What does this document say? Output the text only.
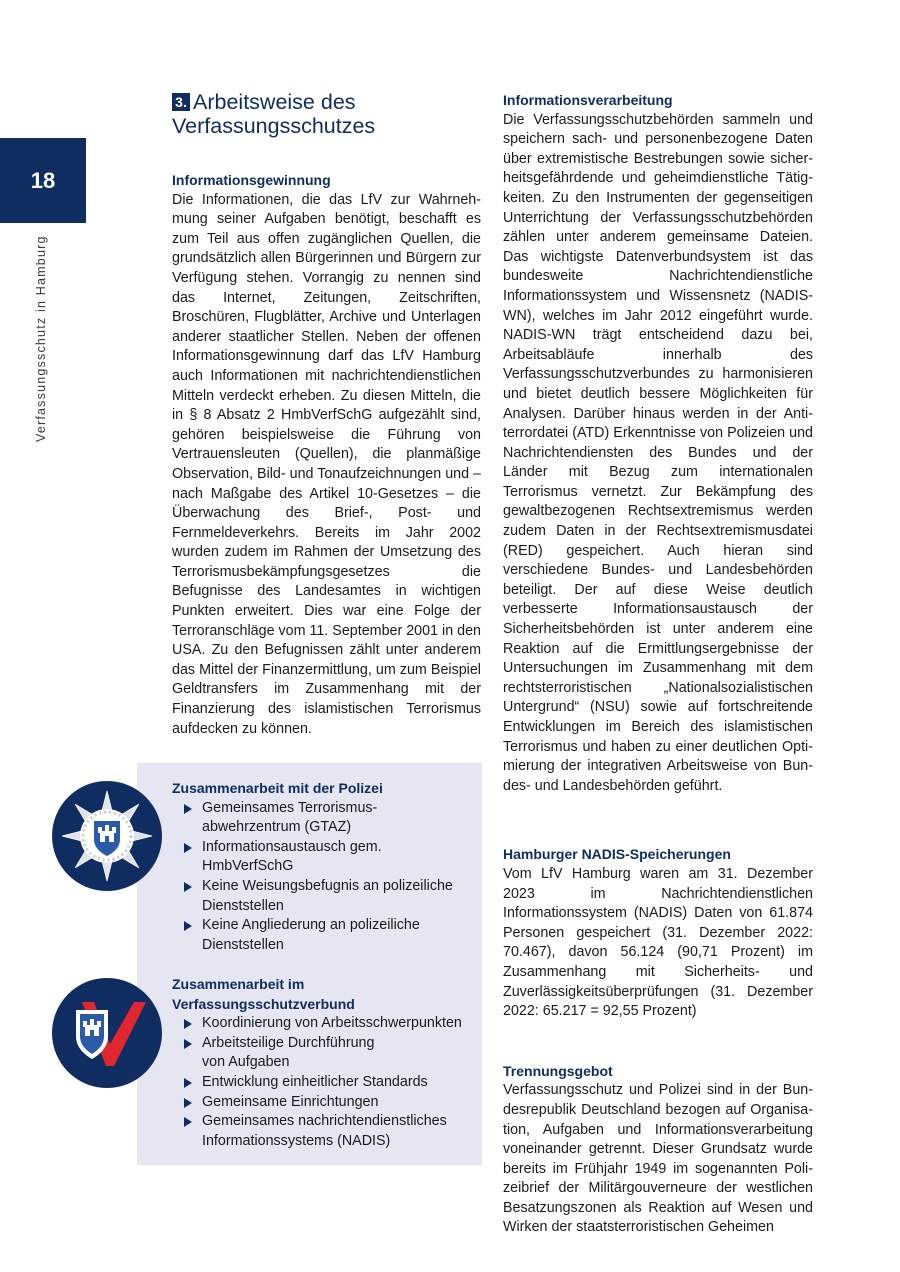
18
Verfassungsschutz in Hamburg
3. Arbeitsweise des
Verfassungsschutzes

Informationsgewinnung

Die Informationen, die das LfV zur Wahrnehmung seiner Aufgaben benötigt, beschafft es zum Teil aus offen zugänglichen Quellen, die grundsätzlich allen Bürgerinnen und Bürgern zur Verfügung stehen. Vorrangig zu nennen sind das Internet, Zeitungen, Zeitschriften, Broschüren, Flugblätter, Archive und Unterlagen anderer staatlicher Stellen. Neben der offenen Informationsgewinnung darf das LfV Hamburg auch Informationen mit nachrichtendienstlichen Mitteln verdeckt erheben. Zu diesen Mitteln, die in § 8 Absatz 2 HmbVerfSchG aufgezählt sind, gehören beispielsweise die Führung von Vertrauensleuten (Quellen), die planmäßige Observation, Bild- und Tonaufzeichnungen und – nach Maßgabe des Artikel 10-Gesetzes – die Überwachung des Brief-, Post- und Fernmeldeverkehrs. Bereits im Jahr 2002 wurden zudem im Rahmen der Umsetzung des Terrorismusbekämpfungsgesetzes die Befugnisse des Landesamtes in wichtigen Punkten erweitert. Dies war eine Folge der Terroranschläge vom 11. September 2001 in den USA. Zu den Befugnissen zählt unter anderem das Mittel der Finanzermittlung, um zum Beispiel Geldtransfers im Zusammenhang mit der Finanzierung des islamistischen Terrorismus aufdecken zu können.

Informationsverarbeitung

Die Verfassungsschutzbehörden sammeln und speichern sach- und personenbezogene Daten über extremistische Bestrebungen sowie sicherheitsgefährdende und geheimdienstliche Tätigkeiten. Zu den Instrumenten der gegenseitigen Unterrichtung der Verfassungsschutzbehörden zählen unter anderem gemeinsame Dateien. Das wichtigste Datenverbundsystem ist das bundesweite Nachrichtendienstliche Informationssystem und Wissensnetz (NADIS-WN), welches im Jahr 2012 eingeführt wurde. NADIS-WN trägt entscheidend dazu bei, Arbeitsabläufe innerhalb des Verfassungsschutzverbundes zu harmonisieren und bietet deutlich bessere Möglichkeiten für Analysen. Darüber hinaus werden in der Antiterrordatei (ATD) Erkenntnisse von Polizeien und Nachrichtendiensten des Bundes und der Länder mit Bezug zum internationalen Terrorismus vernetzt. Zur Bekämpfung des gewaltbezogenen Rechtsextremismus werden zudem Daten in der Rechtsextremismusdatei (RED) gespeichert. Auch hieran sind verschiedene Bundes- und Landesbehörden beteiligt. Der auf diese Weise deutlich verbesserte Informationsaustausch der Sicherheitsbehörden ist unter anderem eine Reaktion auf die Ermittlungsergebnisse der Untersuchungen im Zusammenhang mit dem rechtsterroristischen „Nationalsozialistischen Untergrund“ (NSU) sowie auf fortschreitende Entwicklungen im Bereich des islamistischen Terrorismus und haben zu einer deutlichen Optimierung der integrativen Arbeitsweise von Bundes- und Landesbehörden geführt.

Hamburger NADIS-Speicherungen

Vom LfV Hamburg waren am 31. Dezember 2023 im Nachrichtendienstlichen Informationssystem (NADIS) Daten von 61.874 Personen gespeichert (31. Dezember 2022: 70.467), davon 56.124 (90,71 Prozent) im Zusammenhang mit Sicherheits- und Zuverlässigkeitsüberprüfungen (31. Dezember 2022: 65.217 = 92,55 Prozent)

Trennungsgebot

Verfassungsschutz und Polizei sind in der Bundesrepublik Deutschland bezogen auf Organisation, Aufgaben und Informationsverarbeitung voneinander getrennt. Dieser Grundsatz wurde bereits im Frühjahr 1949 im sogenannten Polizeibrief der Militärgouverneure der westlichen Besatzungszonen als Reaktion auf Wesen und Wirken der staatsterroristischen Geheimen

Zusammenarbeit mit der Polizei

Gemeinsames Terrorismus-
abwehrzentrum (GTAZ)
Informationsaustausch gem.
HmbVerfSchG
Keine Weisungsbefugnis an polizeiliche
Dienststellen
Keine Angliederung an polizeiliche
Dienststellen

Zusammenarbeit im
Verfassungsschutzverbund

Koordinierung von Arbeitsschwerpunkten
Arbeitsteilige Durchführung
von Aufgaben
Entwicklung einheitlicher Standards
Gemeinsame Einrichtungen
Gemeinsames nachrichtendienstliches
Informationssystems (NADIS)
